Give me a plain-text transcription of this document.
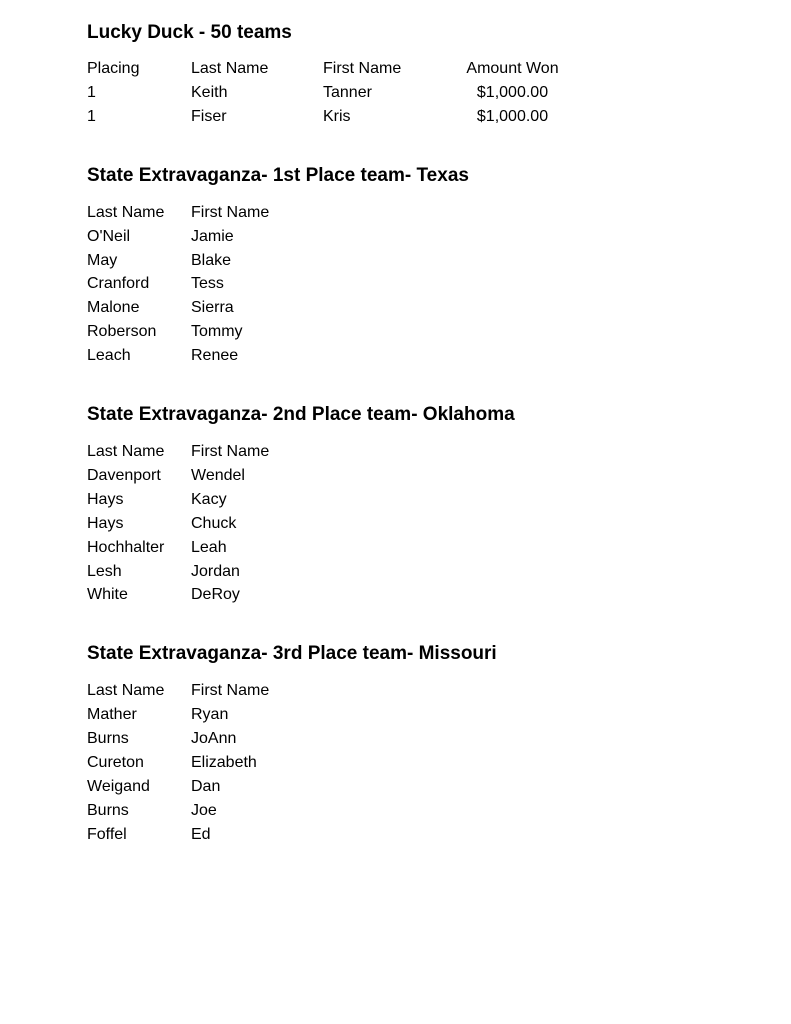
Lucky Duck - 50 teams
Placing	Last Name	First Name	Amount Won
1	Keith	Tanner	$1,000.00
1	Fiser	Kris	$1,000.00
State Extravaganza- 1st Place team- Texas
Last Name First Name
O'Neil	Jamie
May	Blake
Cranford	Tess
Malone	Sierra
Roberson Tommy
Leach	Renee
State Extravaganza- 2nd Place team- Oklahoma
Last Name First Name
Davenport Wendel
Hays	Kacy
Hays	Chuck
Hochhalter Leah
Lesh	Jordan
White	DeRoy
State Extravaganza- 3rd Place team- Missouri
Last Name First Name
Mather	Ryan
Burns	JoAnn
Cureton	Elizabeth
Weigand	Dan
Burns	Joe
Foffel	Ed
